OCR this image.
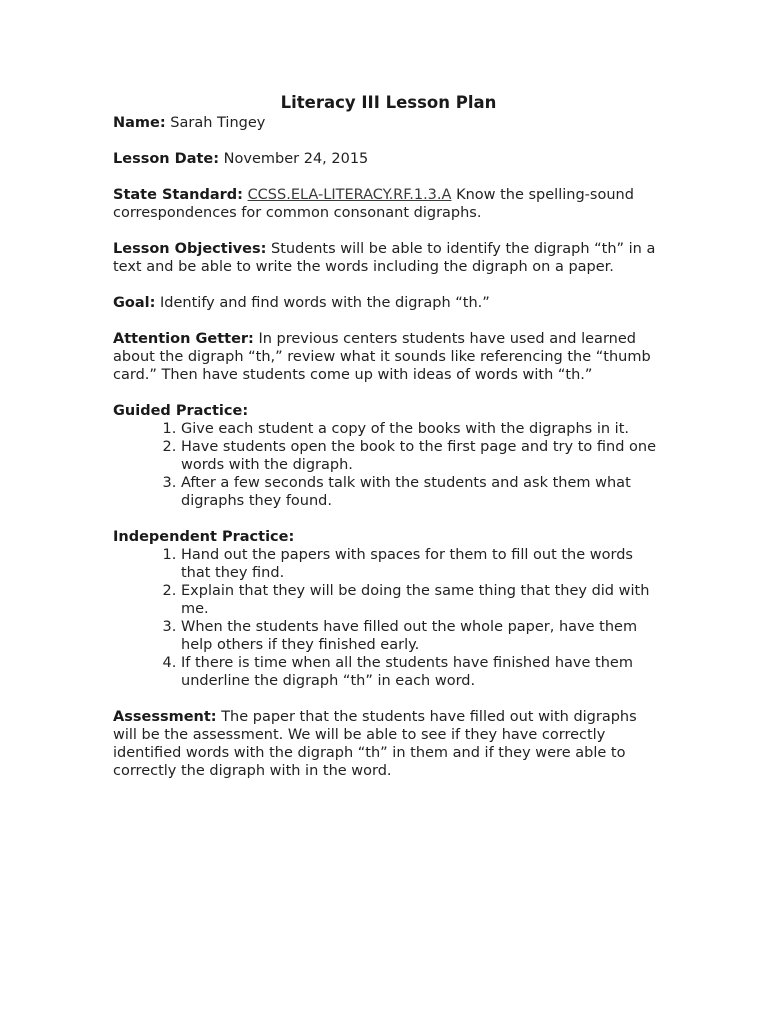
Literacy III Lesson Plan
Name: Sarah Tingey
Lesson Date: November 24, 2015
State Standard: CCSS.ELA-LITERACY.RF.1.3.A Know the spelling-sound correspondences for common consonant digraphs.
Lesson Objectives: Students will be able to identify the digraph “th” in a text and be able to write the words including the digraph on a paper.
Goal: Identify and find words with the digraph “th.”
Attention Getter: In previous centers students have used and learned about the digraph “th,” review what it sounds like referencing the “thumb card.” Then have students come up with ideas of words with “th.”
Guided Practice:
1. Give each student a copy of the books with the digraphs in it.
2. Have students open the book to the first page and try to find one words with the digraph.
3. After a few seconds talk with the students and ask them what digraphs they found.
Independent Practice:
1. Hand out the papers with spaces for them to fill out the words that they find.
2. Explain that they will be doing the same thing that they did with me.
3. When the students have filled out the whole paper, have them help others if they finished early.
4. If there is time when all the students have finished have them underline the digraph “th” in each word.
Assessment: The paper that the students have filled out with digraphs will be the assessment. We will be able to see if they have correctly identified words with the digraph “th” in them and if they were able to correctly the digraph with in the word.
